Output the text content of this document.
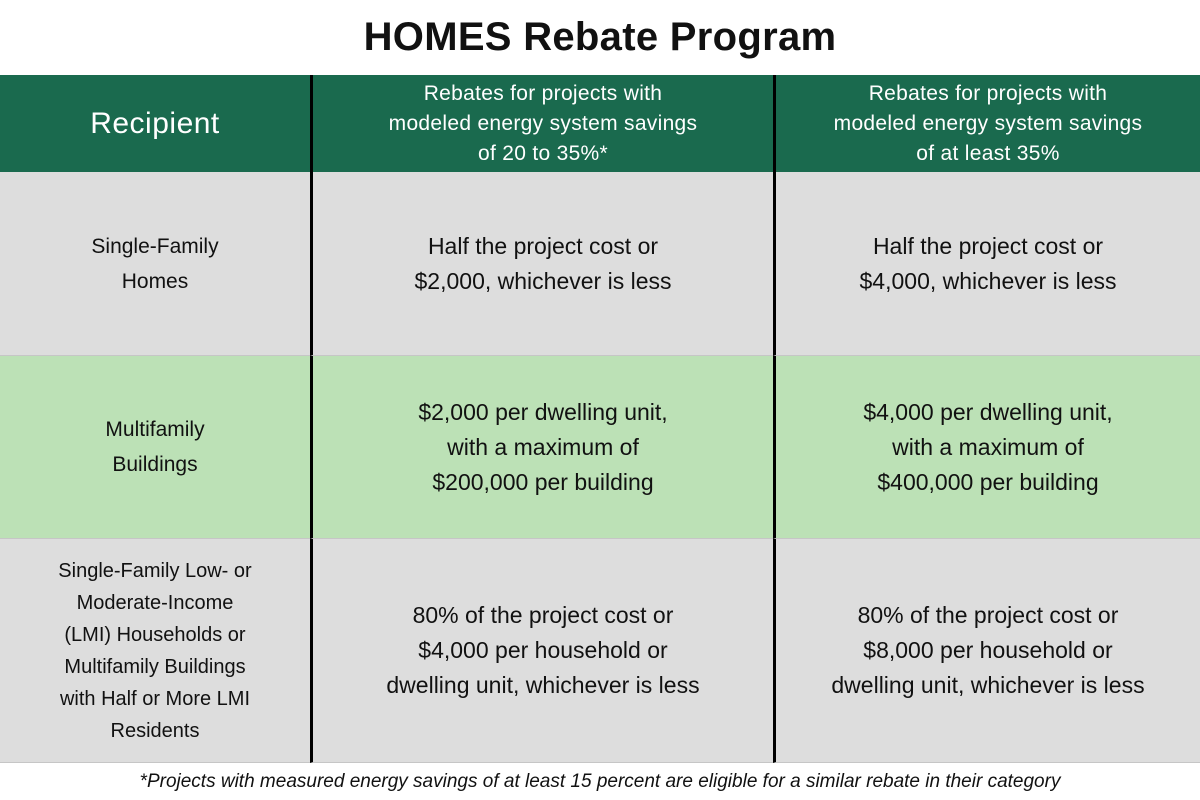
HOMES Rebate Program
Recipient
Rebates for projects with
modeled energy system savings
of 20 to 35%*
Rebates for projects with
modeled energy system savings
of at least 35%
Single-Family
Homes
Half the project cost or
$2,000, whichever is less
Half the project cost or
$4,000, whichever is less
Multifamily
Buildings
$2,000 per dwelling unit,
with a maximum of
$200,000 per building
$4,000 per dwelling unit,
with a maximum of
$400,000 per building
Single-Family Low- or
Moderate-Income
(LMI) Households or
Multifamily Buildings
with Half or More LMI
Residents
80% of the project cost or
$4,000 per household or
dwelling unit, whichever is less
80% of the project cost or
$8,000 per household or
dwelling unit, whichever is less
*Projects with measured energy savings of at least 15 percent are eligible for a similar rebate in their category
